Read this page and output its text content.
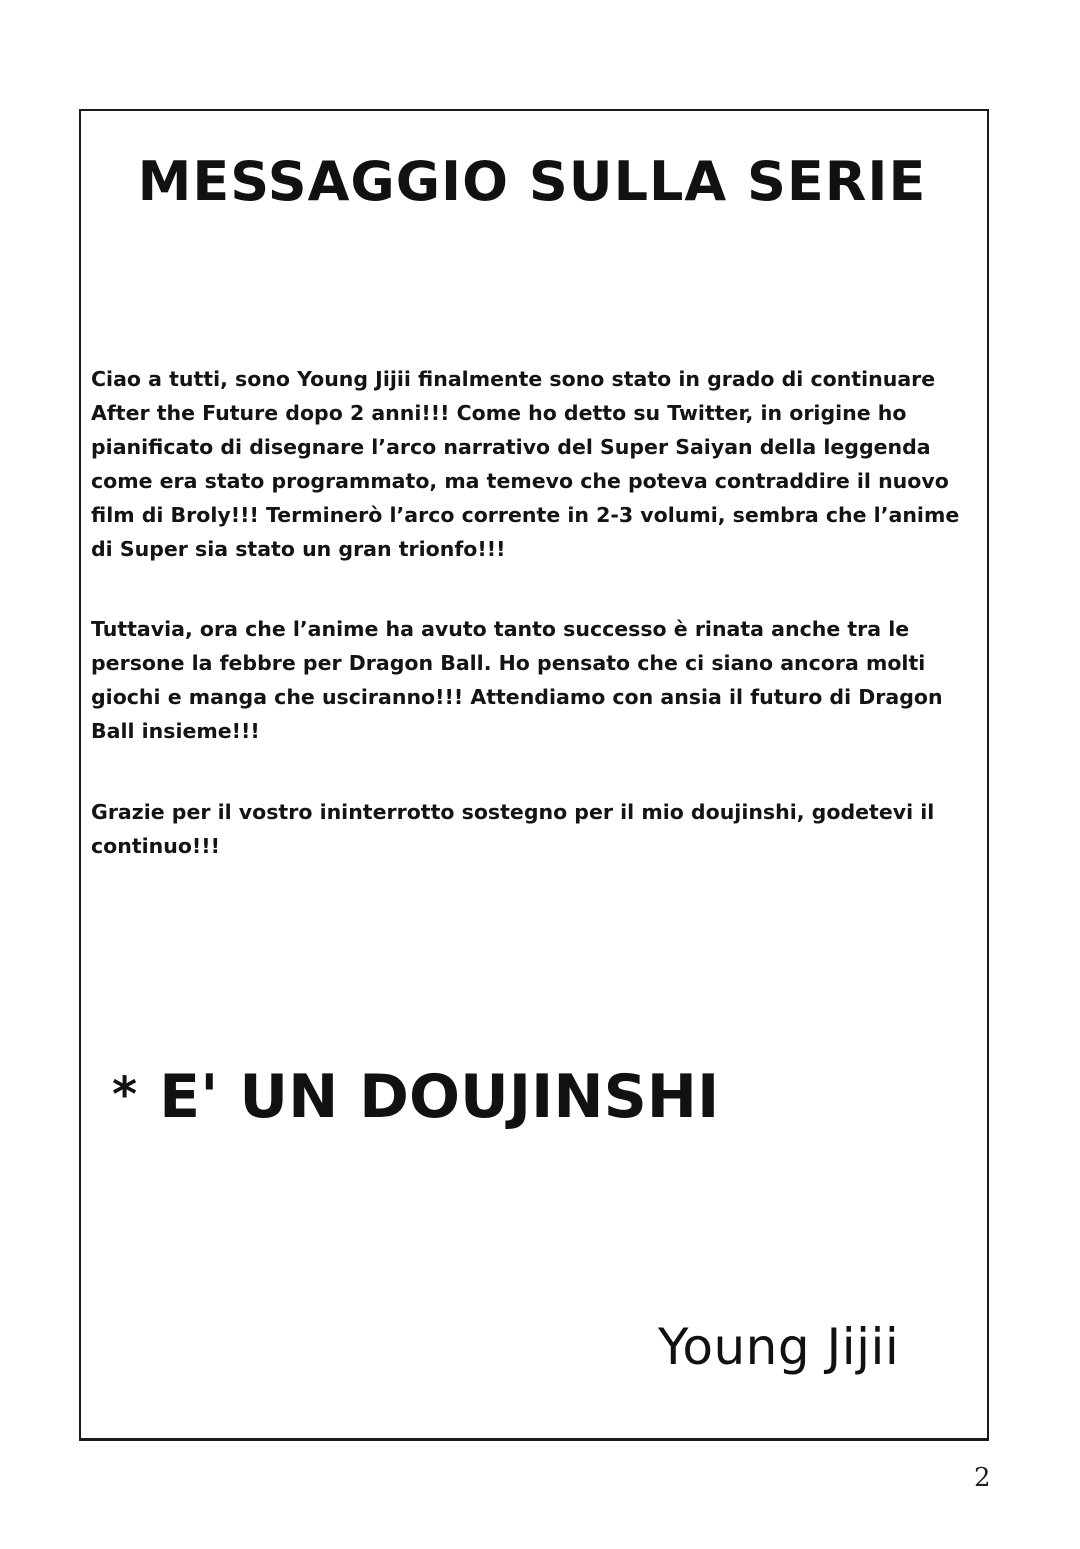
MESSAGGIO SULLA SERIE

Ciao a tutti, sono Young Jijii finalmente sono stato in grado di continuare After the Future dopo 2 anni!!! Come ho detto su Twitter, in origine ho pianificato di disegnare l’arco narrativo del Super Saiyan della leggenda come era stato programmato, ma temevo che poteva contraddire il nuovo film di Broly!!! Terminerò l’arco corrente in 2-3 volumi, sembra che l’anime di Super sia stato un gran trionfo!!!

Tuttavia, ora che l’anime ha avuto tanto successo è rinata anche tra le persone la febbre per Dragon Ball. Ho pensato che ci siano ancora molti giochi e manga che usciranno!!! Attendiamo con ansia il futuro di Dragon Ball insieme!!!

Grazie per il vostro ininterrotto sostegno per il mio doujinshi, godetevi il continuo!!!

* E' UN DOUJINSHI
Young Jijii
2
